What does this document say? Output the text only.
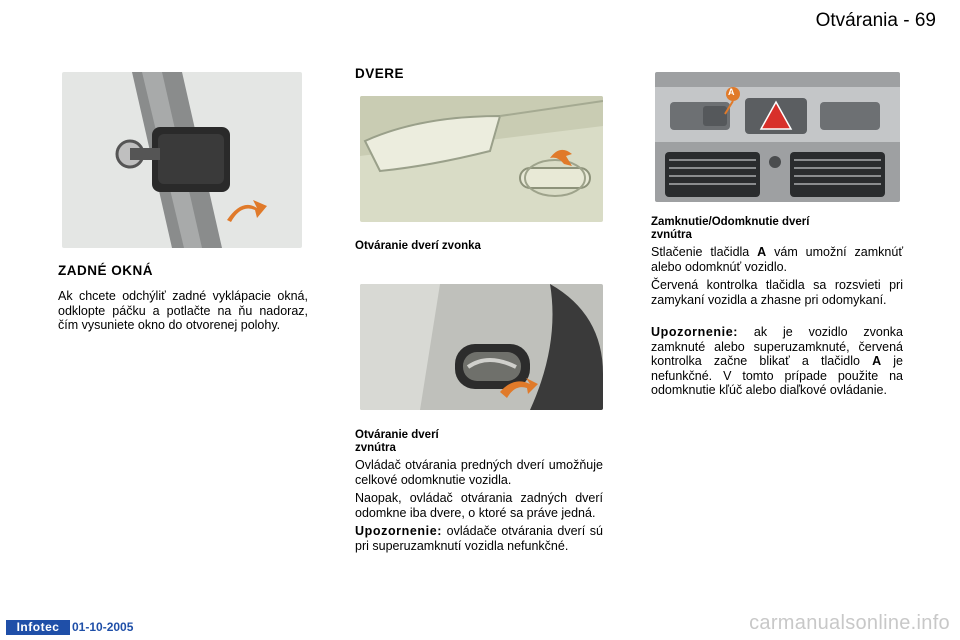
Otvárania - 69
ZADNÉ OKNÁ

Ak chcete odchýliť zadné vyklápacie okná, odklopte páčku a potlačte na ňu nadoraz, čím vysuniete okno do otvorenej polohy.

DVERE
Otváranie dverí zvonka
Otváranie dverí
zvnútra

Ovládač otvárania predných dverí umožňuje celkové odomknutie vozidla.

Naopak, ovládač otvárania zadných dverí odomkne iba dvere, o ktoré sa práve jedná.

Upozornenie: ovládače otvárania dverí sú pri superuzamknutí vozidla nefunkčné.

A
Zamknutie/Odomknutie dverí
zvnútra

Stlačenie tlačidla A vám umožní zamknúť alebo odomknúť vozidlo.

Červená kontrolka tlačidla sa rozsvieti pri zamykaní vozidla a zhasne pri odomykaní.

Upozornenie: ak je vozidlo zvonka zamknuté alebo superuzamknuté, červená kontrolka začne blikať a tlačidlo A je nefunkčné. V tomto prípade použite na odomknutie kľúč alebo diaľkové ovládanie.

Infotec	01-10-2005	carmanualsonline.info
